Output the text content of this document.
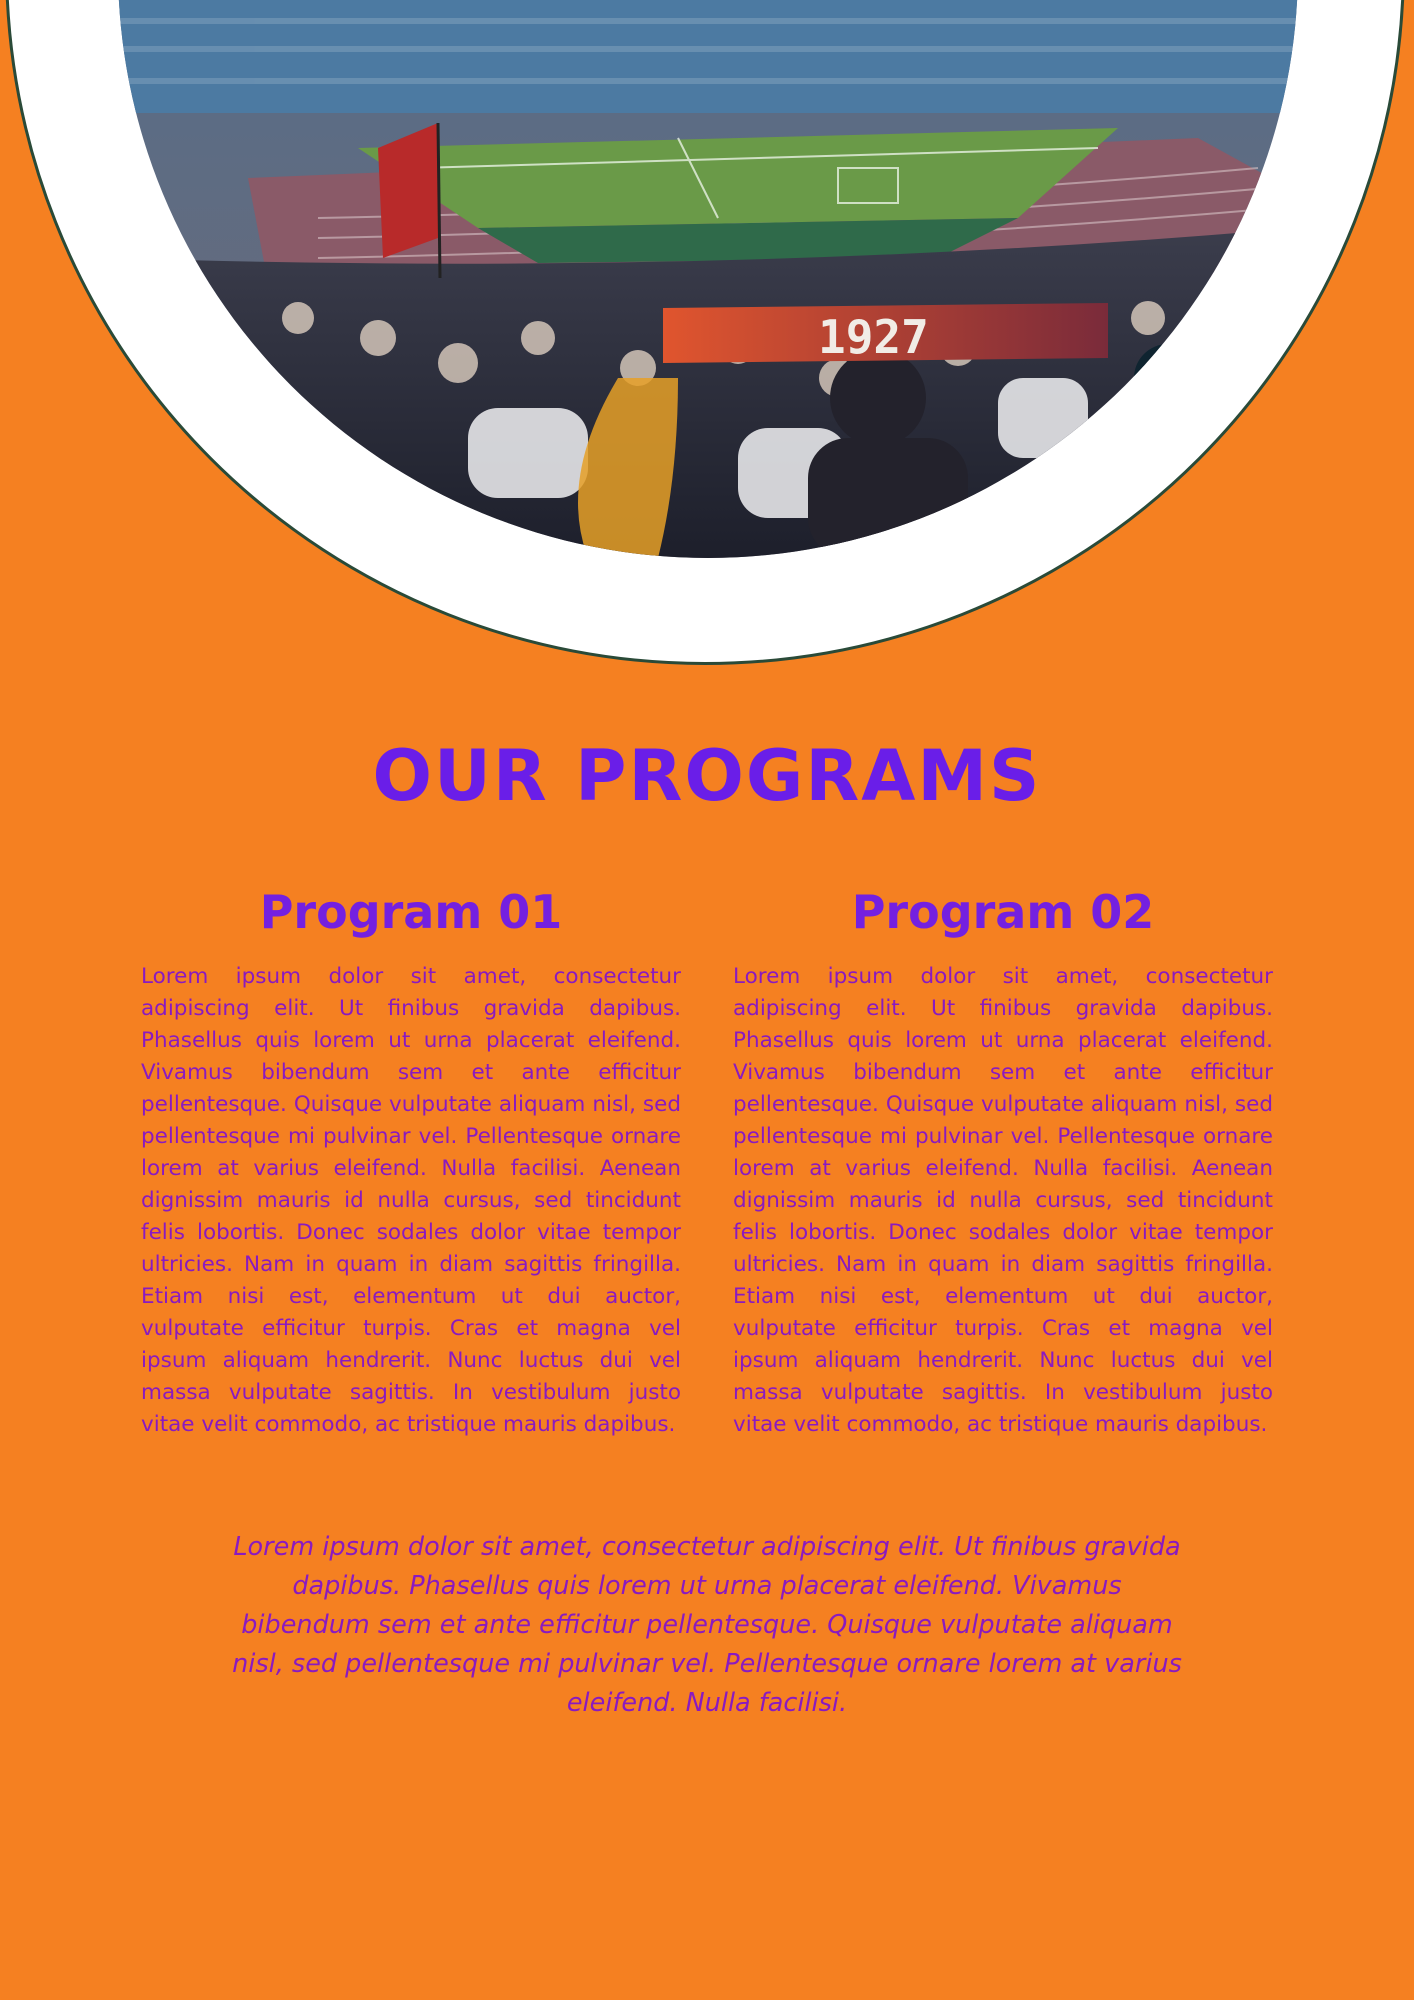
1927
OUR PROGRAMS
Program 01

Lorem ipsum dolor sit amet, consectetur adipiscing elit. Ut finibus gravida dapibus. Phasellus quis lorem ut urna placerat eleifend. Vivamus bibendum sem et ante efficitur pellentesque. Quisque vulputate aliquam nisl, sed pellentesque mi pulvinar vel. Pellentesque ornare lorem at varius eleifend. Nulla facilisi. Aenean dignissim mauris id nulla cursus, sed tincidunt felis lobortis. Donec sodales dolor vitae tempor ultricies. Nam in quam in diam sagittis fringilla. Etiam nisi est, elementum ut dui auctor, vulputate efficitur turpis. Cras et magna vel ipsum aliquam hendrerit. Nunc luctus dui vel massa vulputate sagittis. In vestibulum justo vitae velit commodo, ac tristique mauris dapibus.

Program 02

Lorem ipsum dolor sit amet, consectetur adipiscing elit. Ut finibus gravida dapibus. Phasellus quis lorem ut urna placerat eleifend. Vivamus bibendum sem et ante efficitur pellentesque. Quisque vulputate aliquam nisl, sed pellentesque mi pulvinar vel. Pellentesque ornare lorem at varius eleifend. Nulla facilisi. Aenean dignissim mauris id nulla cursus, sed tincidunt felis lobortis. Donec sodales dolor vitae tempor ultricies. Nam in quam in diam sagittis fringilla. Etiam nisi est, elementum ut dui auctor, vulputate efficitur turpis. Cras et magna vel ipsum aliquam hendrerit. Nunc luctus dui vel massa vulputate sagittis. In vestibulum justo vitae velit commodo, ac tristique mauris dapibus.

Lorem ipsum dolor sit amet, consectetur adipiscing elit. Ut finibus gravida dapibus. Phasellus quis lorem ut urna placerat eleifend. Vivamus bibendum sem et ante efficitur pellentesque. Quisque vulputate aliquam nisl, sed pellentesque mi pulvinar vel. Pellentesque ornare lorem at varius eleifend. Nulla facilisi.
